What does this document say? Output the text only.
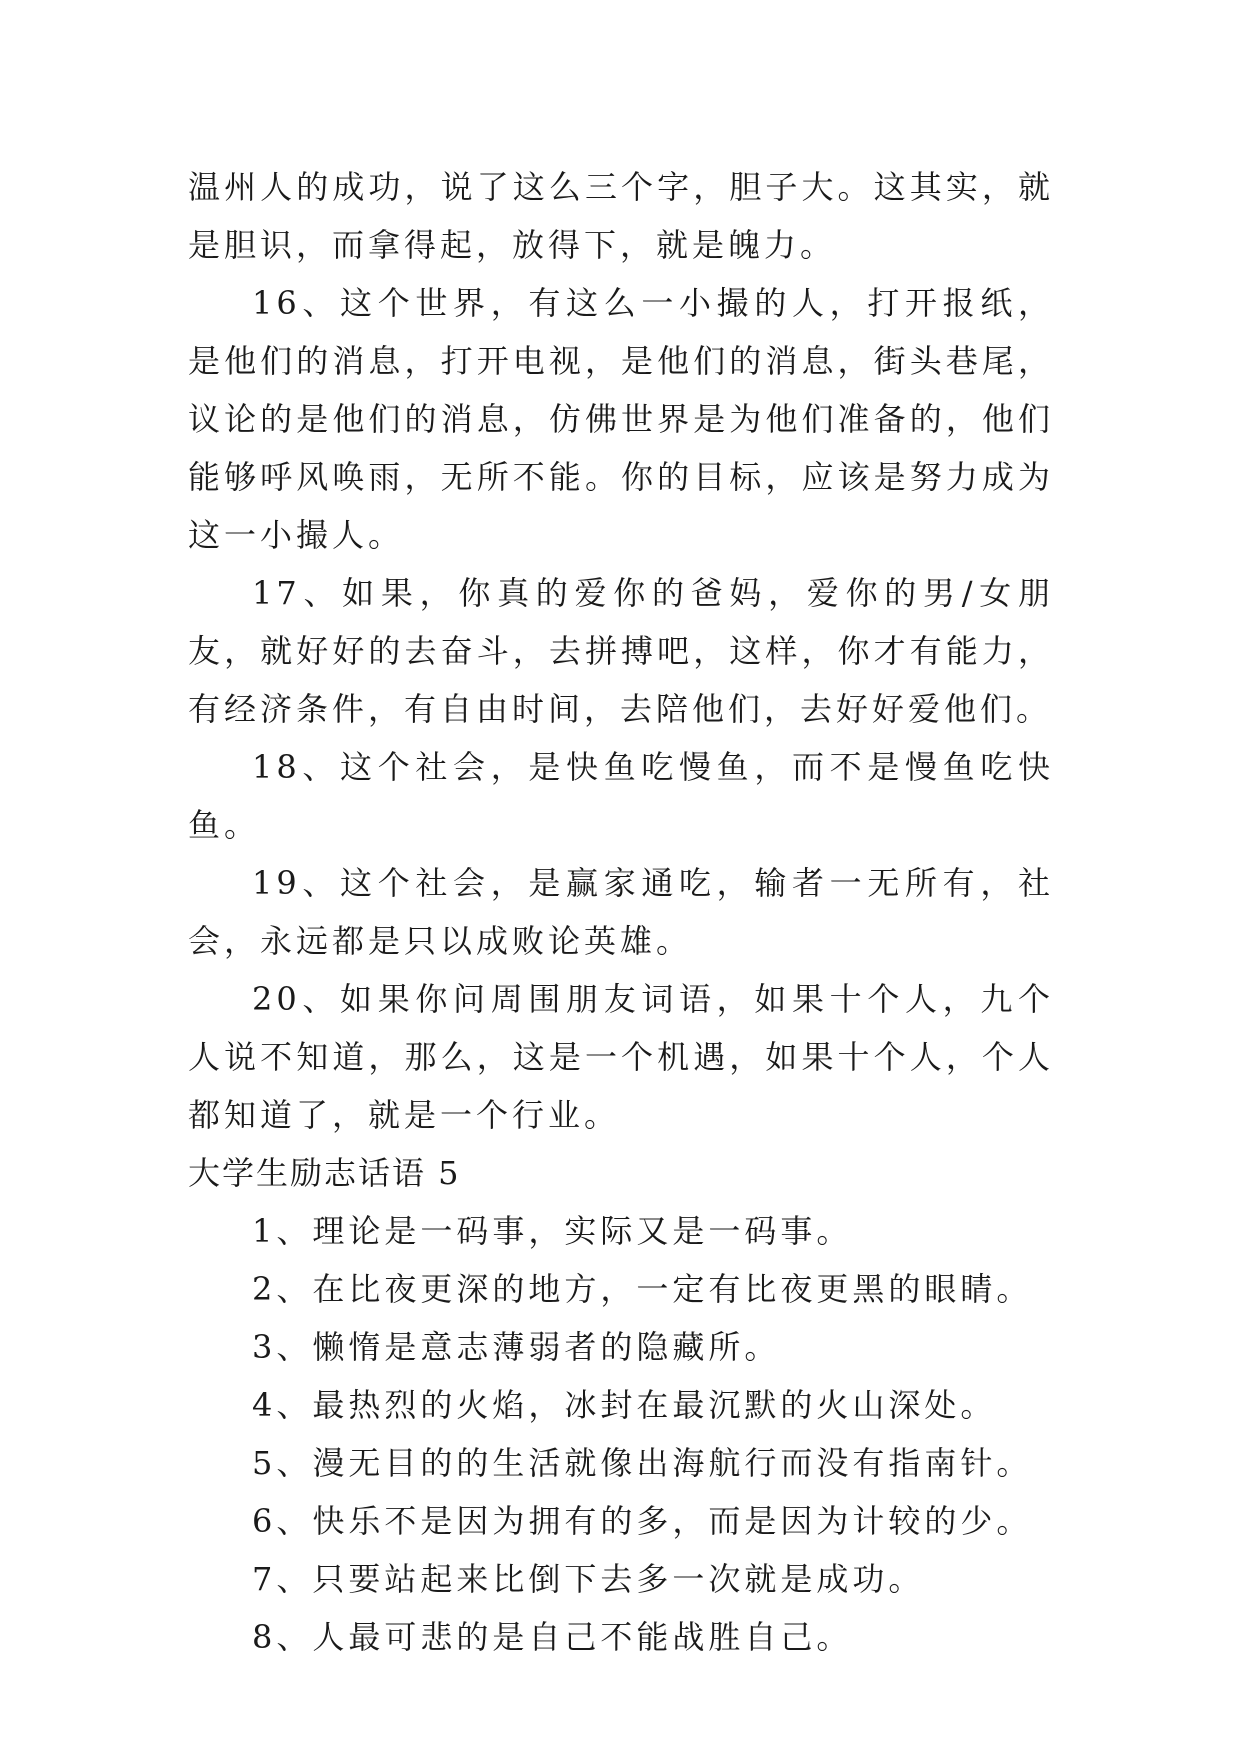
温州人的成功，说了这么三个字，胆子大。这其实，就是胆识，而拿得起，放得下，就是魄力。

16、这个世界，有这么一小撮的人，打开报纸，是他们的消息，打开电视，是他们的消息，街头巷尾，议论的是他们的消息，仿佛世界是为他们准备的，他们能够呼风唤雨，无所不能。你的目标，应该是努力成为这一小撮人。

17、如果，你真的爱你的爸妈，爱你的男/女朋友，就好好的去奋斗，去拼搏吧，这样，你才有能力，有经济条件，有自由时间，去陪他们，去好好爱他们。

18、这个社会，是快鱼吃慢鱼，而不是慢鱼吃快鱼。

19、这个社会，是赢家通吃，输者一无所有，社会，永远都是只以成败论英雄。

20、如果你问周围朋友词语，如果十个人，九个人说不知道，那么，这是一个机遇，如果十个人，个人都知道了，就是一个行业。

大学生励志话语 5

1、理论是一码事，实际又是一码事。

2、在比夜更深的地方，一定有比夜更黑的眼睛。

3、懒惰是意志薄弱者的隐藏所。

4、最热烈的火焰，冰封在最沉默的火山深处。

5、漫无目的的生活就像出海航行而没有指南针。

6、快乐不是因为拥有的多，而是因为计较的少。

7、只要站起来比倒下去多一次就是成功。

8、人最可悲的是自己不能战胜自己。
